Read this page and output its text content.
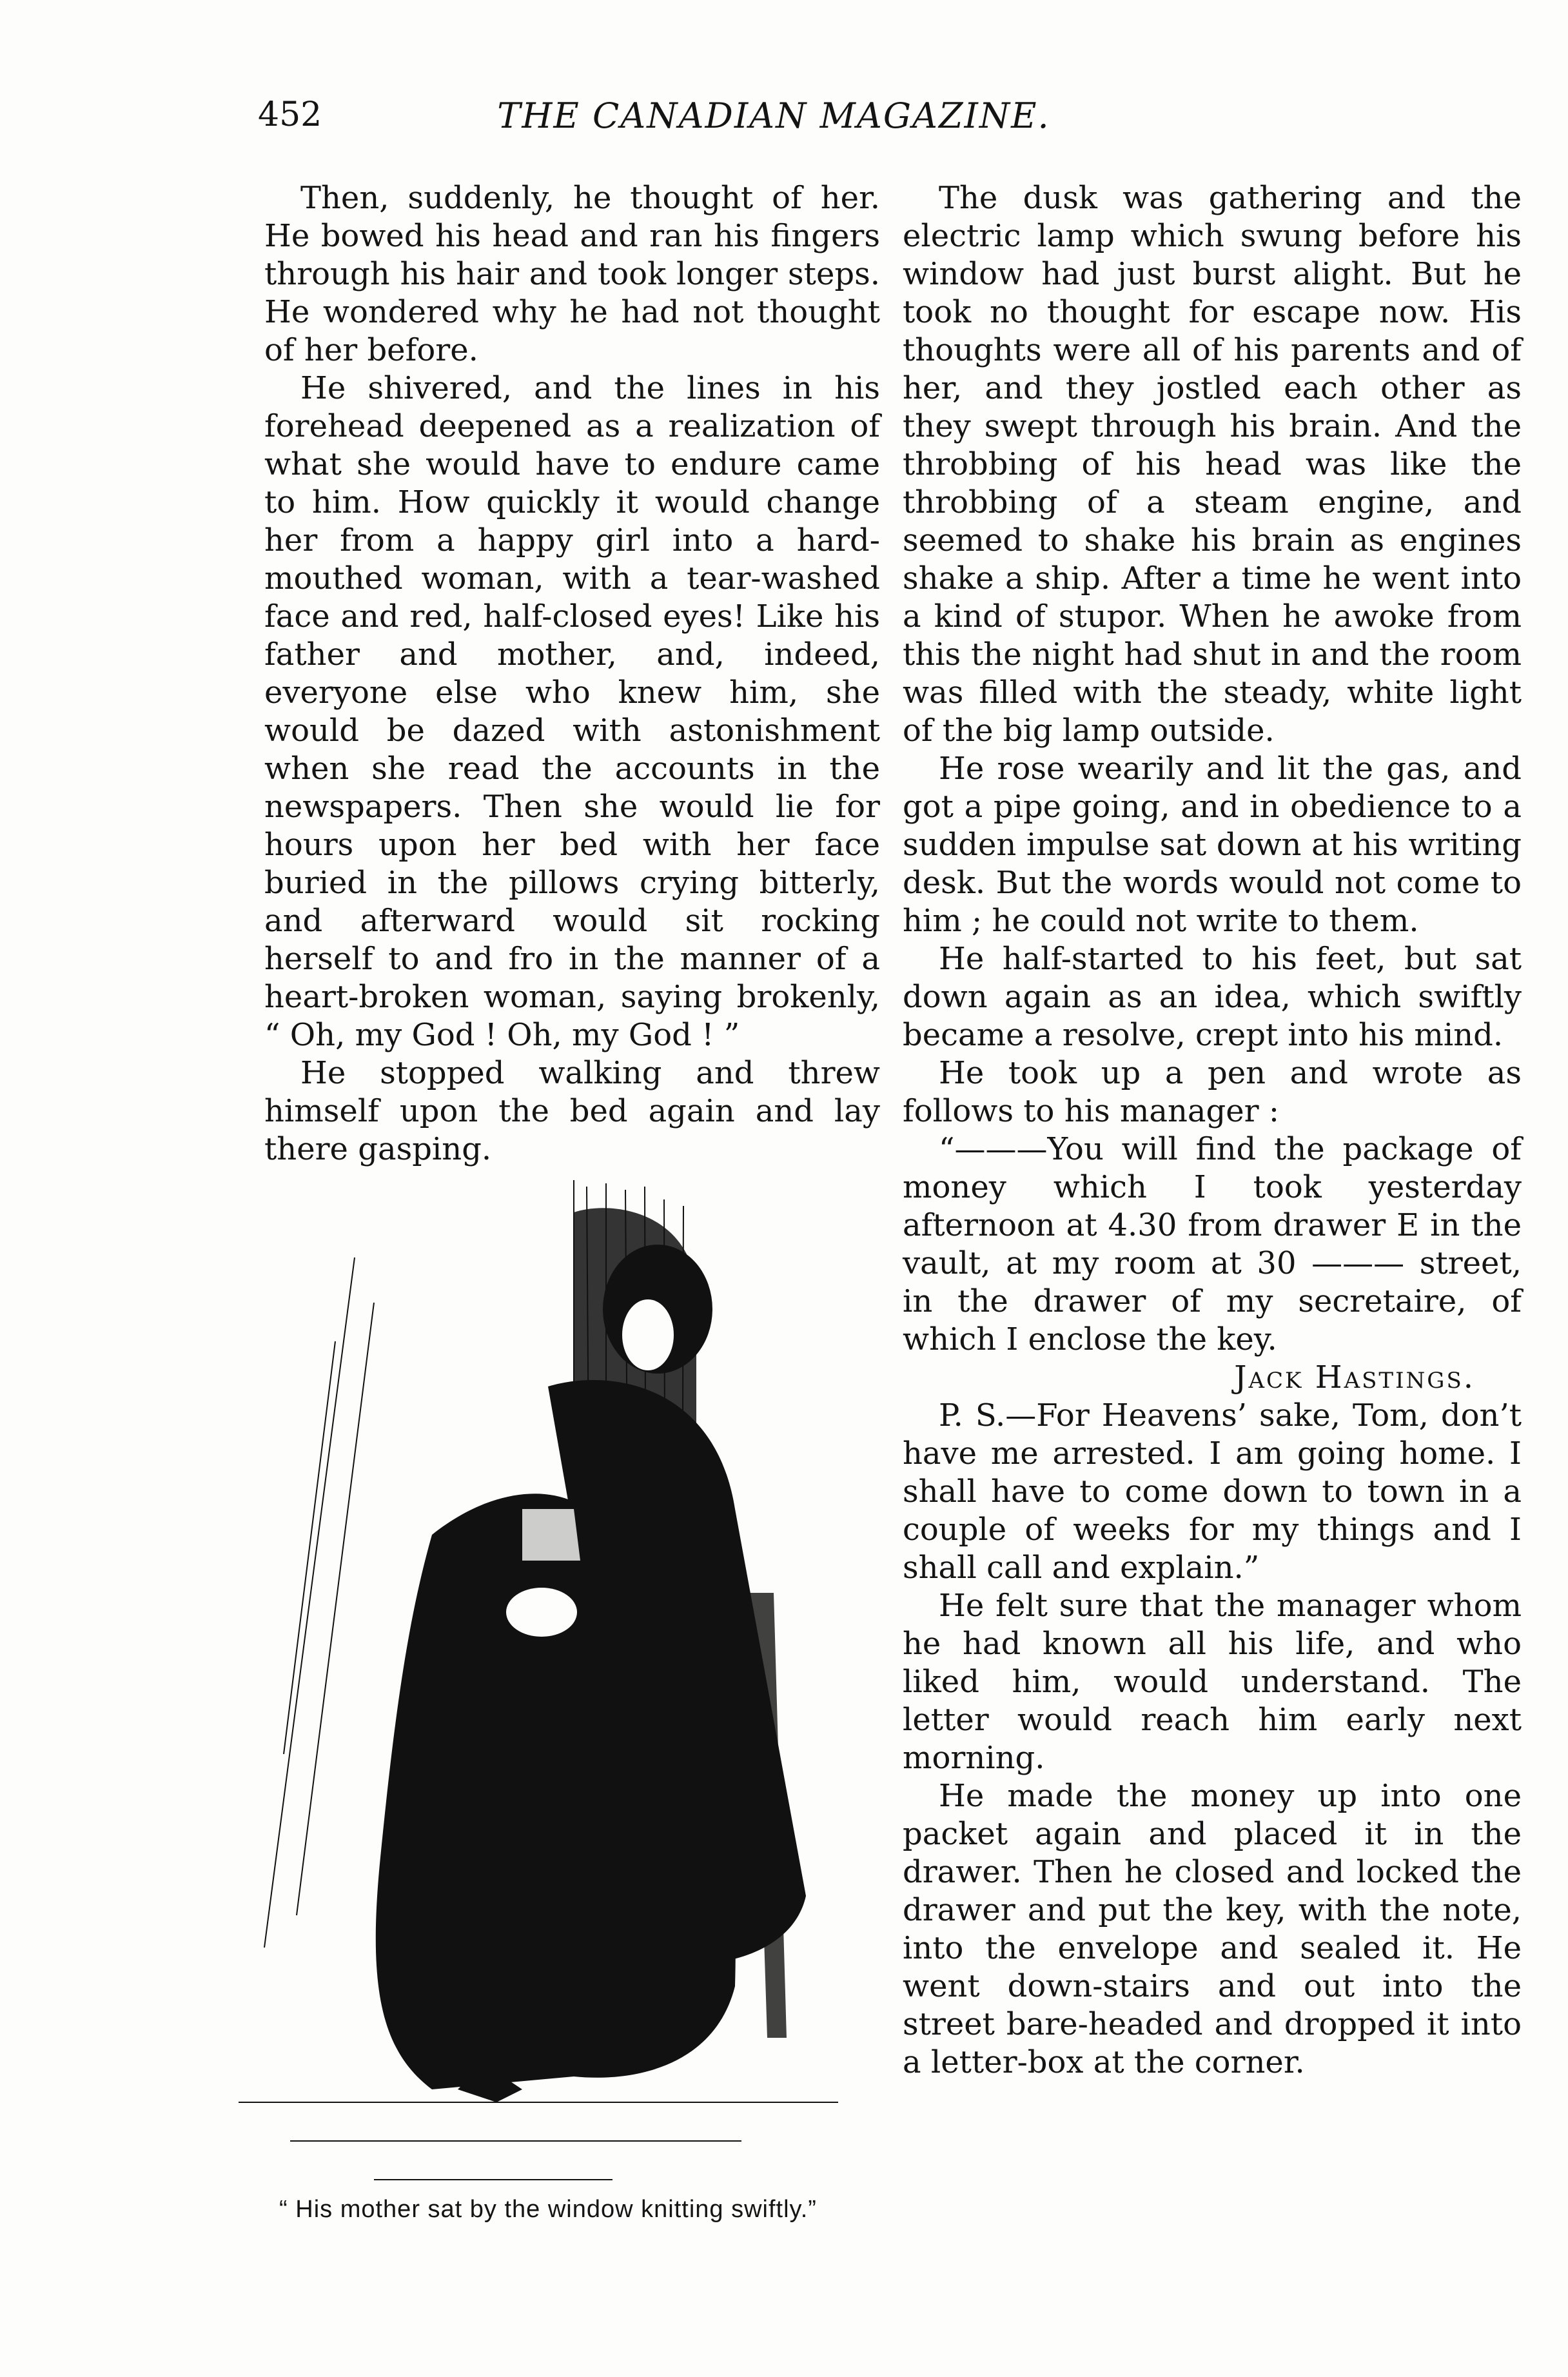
452	THE CANADIAN MAGAZINE.

Then, suddenly, he thought of her. He bowed his head and ran his fingers through his hair and took longer steps. He wondered why he had not thought of her before.

He shivered, and the lines in his forehead deepened as a realization of what she would have to endure came to him. How quickly it would change her from a happy girl into a hard-mouthed woman, with a tear-washed face and red, half-closed eyes! Like his father and mother, and, indeed, everyone else who knew him, she would be dazed with astonishment when she read the accounts in the newspapers. Then she would lie for hours upon her bed with her face buried in the pillows crying bitterly, and afterward would sit rocking herself to and fro in the manner of a heart-broken woman, saying brokenly, “ Oh, my God ! Oh, my God ! ”

He stopped walking and threw himself upon the bed again and lay there gasping.

The dusk was gathering and the electric lamp which swung before his window had just burst alight. But he took no thought for escape now. His thoughts were all of his parents and of her, and they jostled each other as they swept through his brain. And the throbbing of his head was like the throbbing of a steam engine, and seemed to shake his brain as engines shake a ship. After a time he went into a kind of stupor. When he awoke from this the night had shut in and the room was filled with the steady, white light of the big lamp outside.

He rose wearily and lit the gas, and got a pipe going, and in obedience to a sudden impulse sat down at his writing desk. But the words would not come to him ; he could not write to them.

He half-started to his feet, but sat down again as an idea, which swiftly became a resolve, crept into his mind.

He took up a pen and wrote as follows to his manager :

“———You will find the package of money which I took yesterday afternoon at 4.30 from drawer E in the vault, at my room at 30 ——— street, in the drawer of my secretaire, of which I enclose the key.

Jack Hastings.

P. S.—For Heavens’ sake, Tom, don’t have me arrested. I am going home. I shall have to come down to town in a couple of weeks for my things and I shall call and explain.”

He felt sure that the manager whom he had known all his life, and who liked him, would understand. The letter would reach him early next morning.

He made the money up into one packet again and placed it in the drawer. Then he closed and locked the drawer and put the key, with the note, into the envelope and sealed it. He went down-stairs and out into the street bare-headed and dropped it into a letter-box at the corner.

“ His mother sat by the window knitting swiftly.”
